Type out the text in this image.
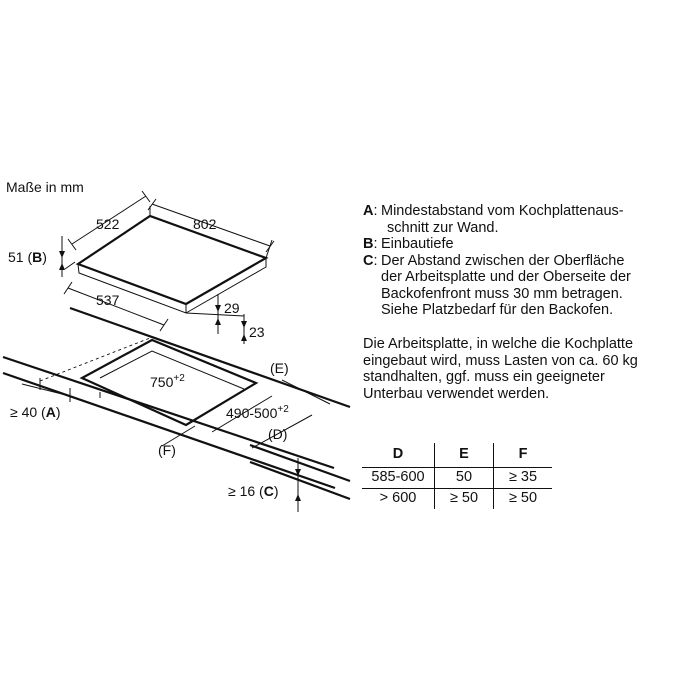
Maße in mm
522	802
51 (B)
537	29
23
$750^{+2}$
$490-500^{+2}$
(E)
(D)
(F)
≥ 40 (A)
≥ 16 (C)
A: Mindestabstand vom Kochplattenaus-
schnitt zur Wand.
B: Einbautiefe
C: Der Abstand zwischen der Oberfläche
der Arbeitsplatte und der Oberseite der
Backofenfront muss 30 mm betragen.
Siehe Platzbedarf für den Backofen.
Die Arbeitsplatte, in welche die Kochplatte
eingebaut wird, muss Lasten von ca. 60 kg
standhalten, ggf. muss ein geeigneter
Unterbau verwendet werden.
D	E	F
585-600	50	≥ 35
> 600	≥ 50	≥ 50
